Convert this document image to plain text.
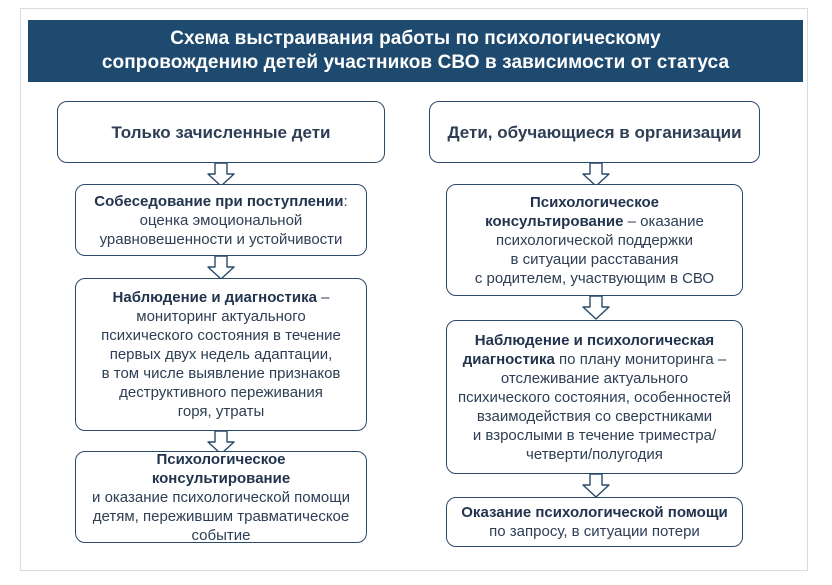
Схема выстраивания работы по психологическому
сопровождению детей участников СВО в зависимости от статуса
Только зачисленные дети

Собеседование при поступлении:
оценка эмоциональной
уравновешенности и устойчивости

Наблюдение и диагностика –
мониторинг актуального
психического состояния в течение
первых двух недель адаптации,
в том числе выявление признаков
деструктивного переживания
горя, утраты

Психологическое консультирование
и оказание психологической помощи
детям, пережившим травматическое
событие

Дети, обучающиеся в организации

Психологическое
консультирование – оказание
психологической поддержки
в ситуации расставания
с родителем, участвующим в СВО

Наблюдение и психологическая
диагностика по плану мониторинга –
отслеживание актуального
психического состояния, особенностей
взаимодействия со сверстниками
и взрослыми в течение триместра/
четверти/полугодия

Оказание психологической помощи
по запросу, в ситуации потери
